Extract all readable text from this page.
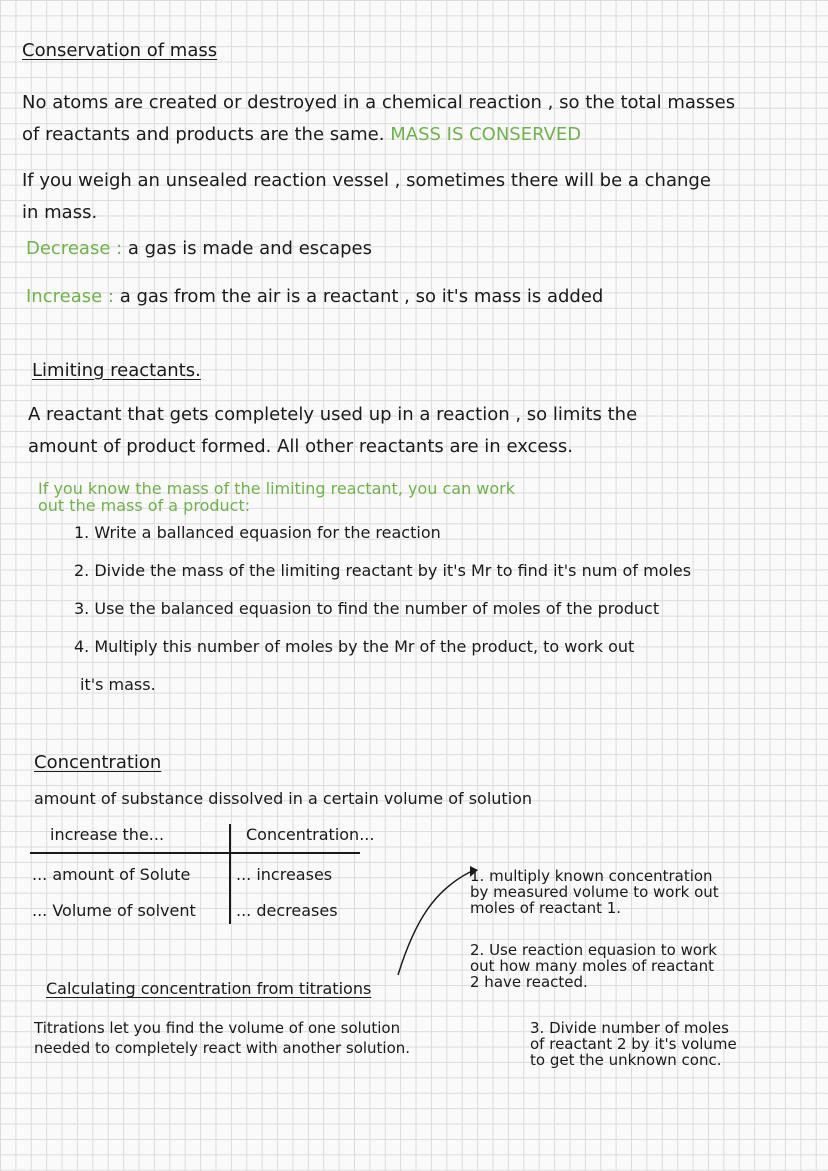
Conservation of mass
No atoms are created or destroyed in a chemical reaction , so the total masses
of reactants and products are the same. MASS IS CONSERVED
If you weigh an unsealed reaction vessel , sometimes there will be a change
in mass.
Decrease : a gas is made and escapes
Increase : a gas from the air is a reactant , so it's mass is added
Limiting reactants.
A reactant that gets completely used up in a reaction , so limits the
amount of product formed. All other reactants are in excess.
If you know the mass of the limiting reactant, you can work
out the mass of a product:
1. Write a ballanced equasion for the reaction
2. Divide the mass of the limiting reactant by it's Mr to find it's num of moles
3. Use the balanced equasion to find the number of moles of the product
4. Multiply this number of moles by the Mr of the product, to work out
it's mass.
Concentration
amount of substance dissolved in a certain volume of solution
increase the...	Concentration...
... amount of Solute	... increases
... Volume of solvent	... decreases
1. multiply known concentration
by measured volume to work out
moles of reactant 1.
2. Use reaction equasion to work
out how many moles of reactant
2 have reacted.
3. Divide number of moles
of reactant 2 by it's volume
to get the unknown conc.
Calculating concentration from titrations
Titrations let you find the volume of one solution
needed to completely react with another solution.
